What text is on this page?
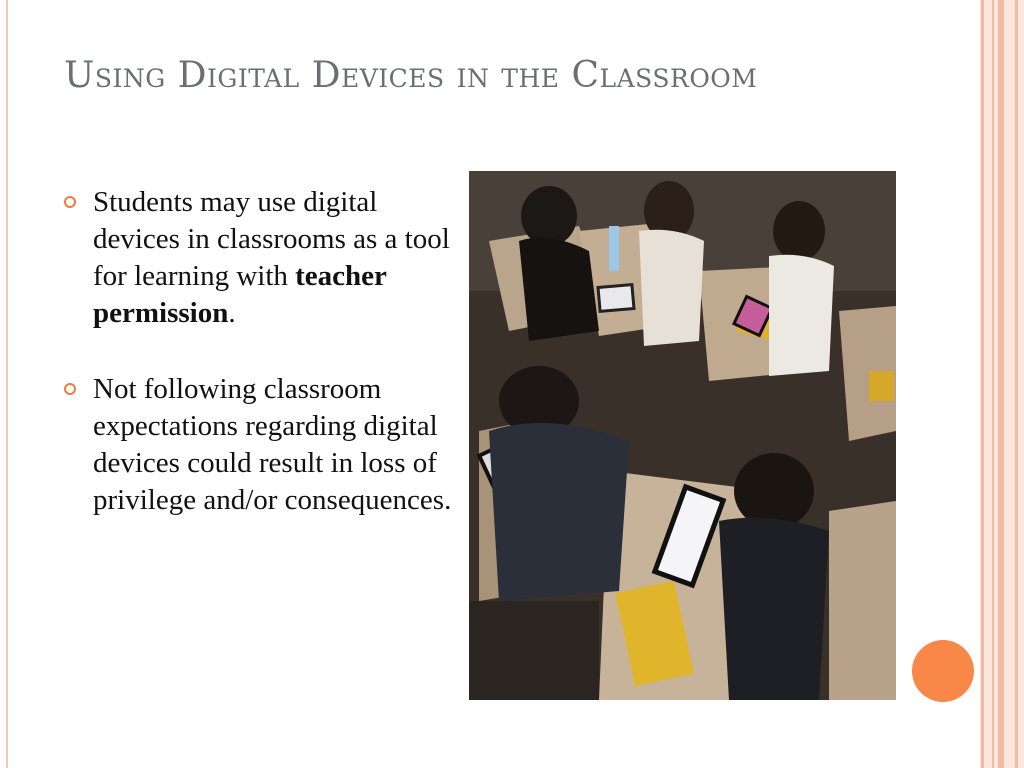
Using Digital Devices in the Classroom
Students may use digital devices in classrooms as a tool for learning with teacher permission.
Not following classroom expectations regarding digital devices could result in loss of privilege and/or consequences.
